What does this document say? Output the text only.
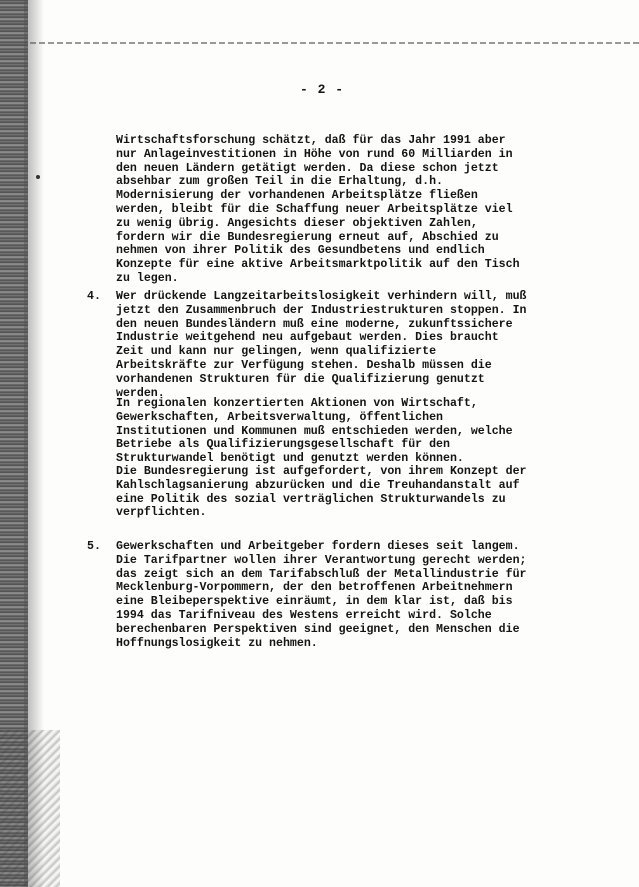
- 2 -

Wirtschaftsforschung schätzt, daß für das Jahr 1991 aber
nur Anlageinvestitionen in Höhe von rund 60 Milliarden in
den neuen Ländern getätigt werden. Da diese schon jetzt
absehbar zum großen Teil in die Erhaltung, d.h.
Modernisierung der vorhandenen Arbeitsplätze fließen
werden, bleibt für die Schaffung neuer Arbeitsplätze viel
zu wenig übrig. Angesichts dieser objektiven Zahlen,
fordern wir die Bundesregierung erneut auf, Abschied zu
nehmen von ihrer Politik des Gesundbetens und endlich
Konzepte für eine aktive Arbeitsmarktpolitik auf den Tisch
zu legen.

4. Wer drückende Langzeitarbeitslosigkeit verhindern will, muß
jetzt den Zusammenbruch der Industriestrukturen stoppen. In
den neuen Bundesländern muß eine moderne, zukunftssichere
Industrie weitgehend neu aufgebaut werden. Dies braucht
Zeit und kann nur gelingen, wenn qualifizierte
Arbeitskräfte zur Verfügung stehen. Deshalb müssen die
vorhandenen Strukturen für die Qualifizierung genutzt
werden.

In regionalen konzertierten Aktionen von Wirtschaft,
Gewerkschaften, Arbeitsverwaltung, öffentlichen
Institutionen und Kommunen muß entschieden werden, welche
Betriebe als Qualifizierungsgesellschaft für den
Strukturwandel benötigt und genutzt werden können.

Die Bundesregierung ist aufgefordert, von ihrem Konzept der
Kahlschlagsanierung abzurücken und die Treuhandanstalt auf
eine Politik des sozial verträglichen Strukturwandels zu
verpflichten.

5. Gewerkschaften und Arbeitgeber fordern dieses seit langem.
Die Tarifpartner wollen ihrer Verantwortung gerecht werden;
das zeigt sich an dem Tarifabschluß der Metallindustrie für
Mecklenburg-Vorpommern, der den betroffenen Arbeitnehmern
eine Bleibeperspektive einräumt, in dem klar ist, daß bis
1994 das Tarifniveau des Westens erreicht wird. Solche
berechenbaren Perspektiven sind geeignet, den Menschen die
Hoffnungslosigkeit zu nehmen.
